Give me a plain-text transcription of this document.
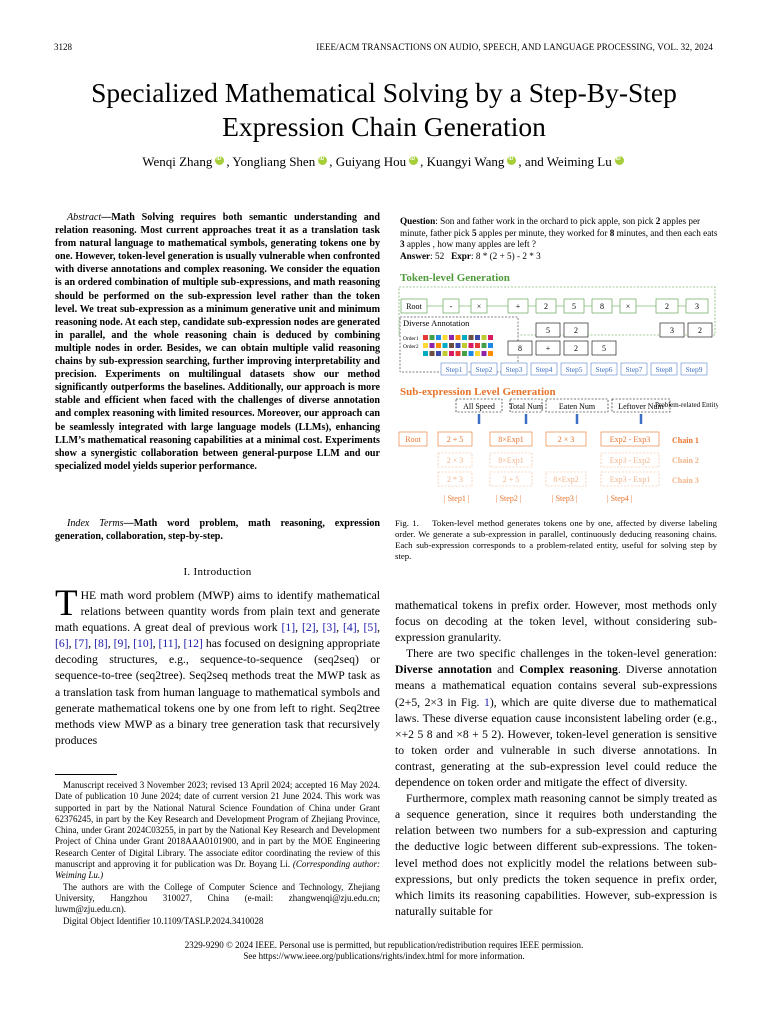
3128	IEEE/ACM TRANSACTIONS ON AUDIO, SPEECH, AND LANGUAGE PROCESSING, VOL. 32, 2024
Specialized Mathematical Solving by a Step-By-Step
Expression Chain Generation
Wenqi Zhang iD , Yongliang Shen iD , Guiyang Hou iD , Kuangyi Wang iD , and Weiming LuiD
Abstract—Math Solving requires both semantic understanding and relation reasoning. Most current approaches treat it as a translation task from natural language to mathematical symbols, generating tokens one by one. However, token-level generation is usually vulnerable when confronted with diverse annotations and complex reasoning. We consider the equation is an ordered combination of multiple sub-expressions, and math reasoning should be performed on the sub-expression level rather than the token level. We treat sub-expression as a minimum generative unit and minimum reasoning node. At each step, candidate sub-expression nodes are generated in parallel, and the whole reasoning chain is deduced by combining multiple nodes in order. Besides, we can obtain multiple valid reasoning chains by sub-expression searching, further improving interpretability and precision. Experiments on multilingual datasets show our method significantly outperforms the baselines. Additionally, our approach is more stable and efficient when faced with the challenges of diverse annotation and complex reasoning with limited resources. Moreover, our approach can be seamlessly integrated with large language models (LLMs), enhancing LLM’s mathematical reasoning capabilities at a minimal cost. Experiments show a synergistic collaboration between general-purpose LLM and our specialized model yields superior performance.
Index Terms—Math word problem, math reasoning, expression generation, collaboration, step-by-step.
I. Introduction
THE math word problem (MWP) aims to identify mathematical relations between quantity words from plain text and generate math equations. A great deal of previous work [1], [2], [3], [4], [5], [6], [7], [8], [9], [10], [11], [12] has focused on designing appropriate decoding structures, e.g., sequence-to-sequence (seq2seq) or sequence-to-tree (seq2tree). Seq2seq methods treat the MWP task as a translation task from human language to mathematical symbols and generate mathematical tokens one by one from left to right. Seq2tree methods view MWP as a binary tree generation task that recursively produces

Manuscript received 3 November 2023; revised 13 April 2024; accepted 16 May 2024. Date of publication 10 June 2024; date of current version 21 June 2024. This work was supported in part by the National Natural Science Foundation of China under Grant 62376245, in part by the Key Research and Development Program of Zhejiang Province, China, under Grant 2024C03255, in part by the National Key Research and Development Project of China under Grant 2018AAA0101900, and in part by the MOE Engineering Research Center of Digital Library. The associate editor coordinating the review of this manuscript and approving it for publication was Dr. Boyang Li. (Corresponding author: Weiming Lu.)

The authors are with the College of Computer Science and Technology, Zhejiang University, Hangzhou 310027, China (e-mail: zhangwenqi@zju.edu.cn; luwm@zju.edu.cn).

Digital Object Identifier 10.1109/TASLP.2024.3410028

Question: Son and father work in the orchard to pick apple, son pick 2 apples per minute, father pick 5 apples per minute, they worked for 8 minutes, and then each eats 3 apples , how many apples are left ?
Answer: 52 Expr: 8 * (2 + 5) - 2 * 3
Token-level Generation
Root	-	×	+	2	5	8	×	2	3
Diverse Annotation
Order1
Order2
5	2	3	2
8	+	2	5
Step1 Step2 Step3 Step4 Step5 Step6 Step7 Step8 Step9
Sub-expression Level Generation
All Speed Total Num Eaten Num	Leftover Num
Problem-related Entity
Root	2 + 5	8×Exp1	2 × 3	Exp2 - Exp3
2 × 3	8×Exp1	Exp3 - Exp2
2 * 3	2 + 5	8×Exp2	Exp3 - Exp1
Chain 1
Chain 2
Chain 3
| Step1 |	| Step2 |	| Step3 |	| Step4 |
Fig. 1. Token-level method generates tokens one by one, affected by diverse labeling order. We generate a sub-expression in parallel, continuously deducing reasoning chains. Each sub-expression corresponds to a problem-related entity, useful for solving step by step.

mathematical tokens in prefix order. However, most methods only focus on decoding at the token level, without considering sub-expression granularity.

There are two specific challenges in the token-level generation: Diverse annotation and Complex reasoning. Diverse annotation means a mathematical equation contains several sub-expressions (2+5, 2×3 in Fig. 1), which are quite diverse due to mathematical laws. These diverse equation cause inconsistent labeling order (e.g., ×+2 5 8 and ×8 + 5 2). However, token-level generation is sensitive to token order and vulnerable in such diverse annotations. In contrast, generating at the sub-expression level could reduce the dependence on token order and mitigate the effect of diversity.

Furthermore, complex math reasoning cannot be simply treated as a sequence generation, since it requires both understanding the relation between two numbers for a sub-expression and capturing the deductive logic between different sub-expressions. The token-level method does not explicitly model the relations between sub-expressions, but only predicts the token sequence in prefix order, which limits its reasoning capabilities. However, sub-expression is naturally suitable for

2329-9290 © 2024 IEEE. Personal use is permitted, but republication/redistribution requires IEEE permission.
See https://www.ieee.org/publications/rights/index.html for more information.
